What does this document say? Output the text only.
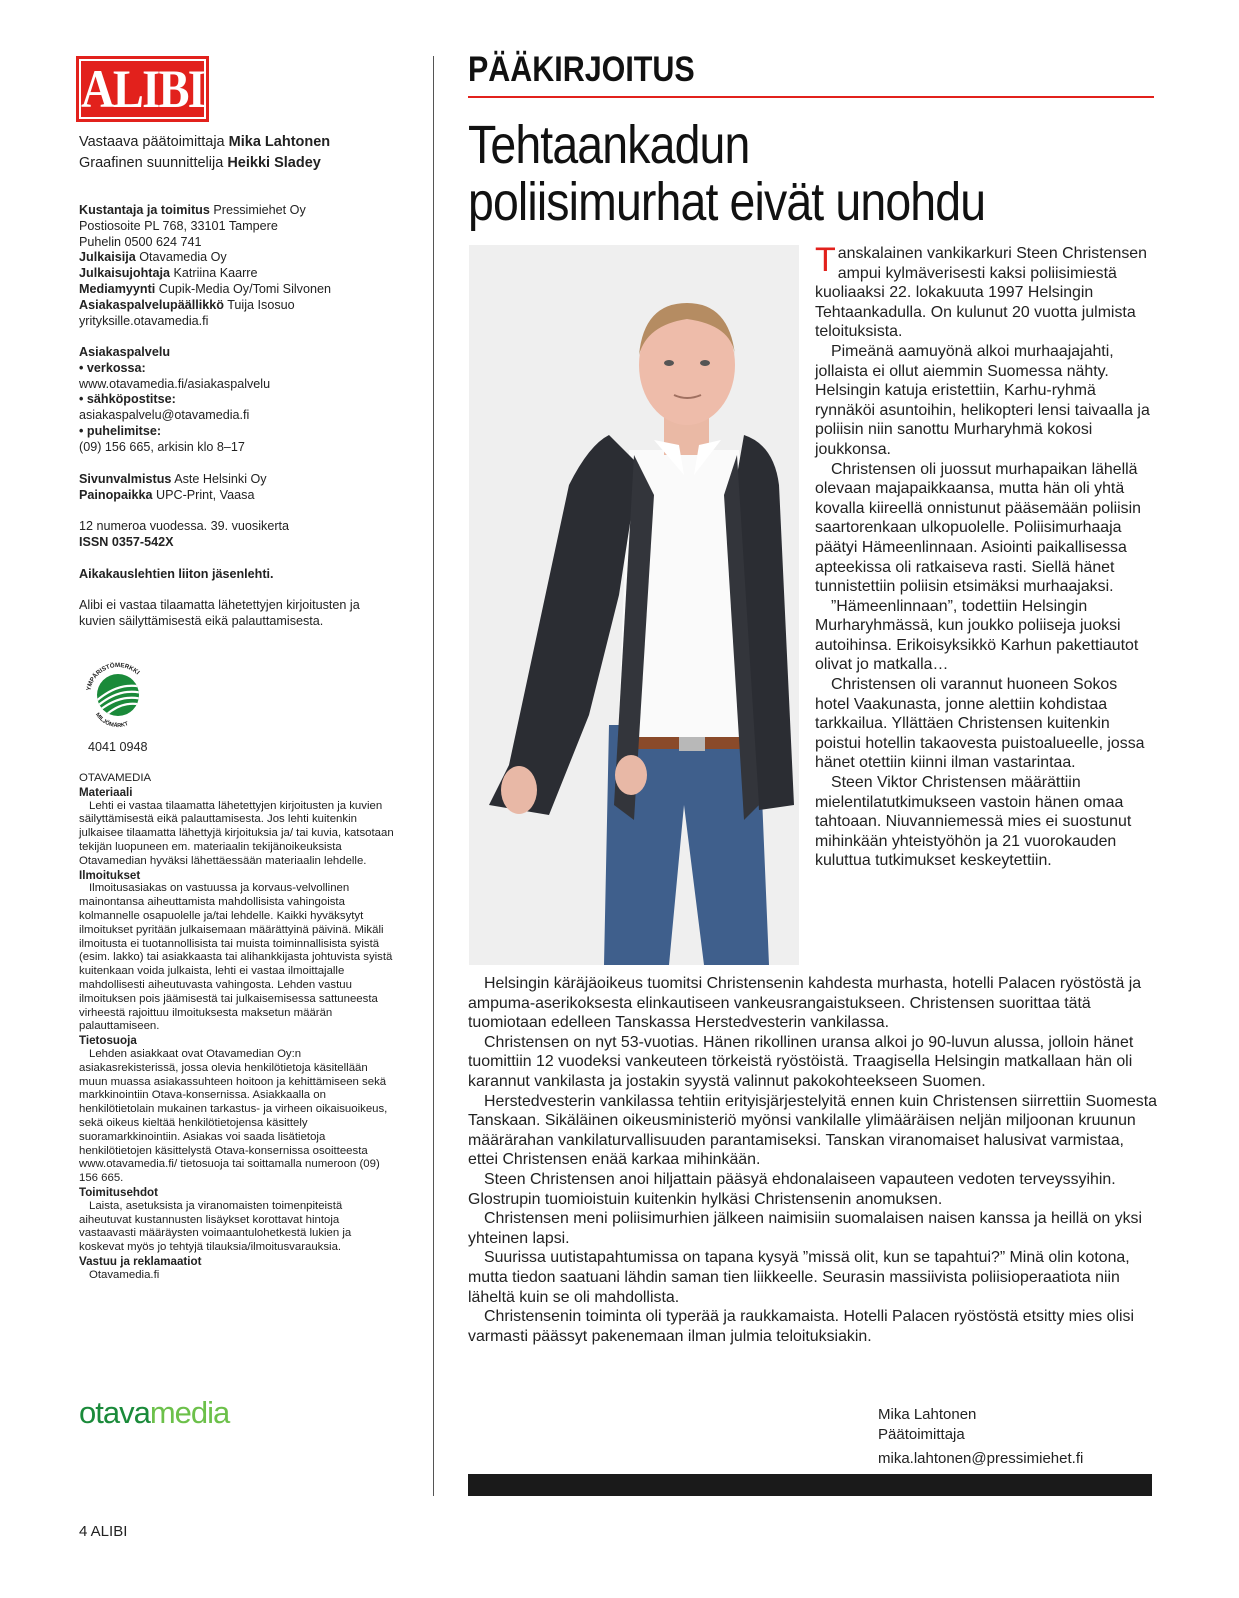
ALIBI
Vastaava päätoimittaja Mika Lahtonen
Graafinen suunnittelija Heikki Sladey
Kustantaja ja toimitus Pressimiehet Oy
Postiosoite PL 768, 33101 Tampere
Puhelin 0500 624 741
Julkaisija Otavamedia Oy
Julkaisujohtaja Katriina Kaarre
Mediamyynti Cupik-Media Oy/Tomi Silvonen
Asiakaspalvelupäällikkö Tuija Isosuo
yrityksille.otavamedia.fi
Asiakaspalvelu
• verkossa:
www.otavamedia.fi/asiakaspalvelu
• sähköpostitse:
asiakaspalvelu@otavamedia.fi
• puhelimitse:
(09) 156 665, arkisin klo 8–17
Sivunvalmistus Aste Helsinki Oy
Painopaikka UPC-Print, Vaasa
12 numeroa vuodessa. 39. vuosikerta
ISSN 0357-542X
Aikakauslehtien liiton jäsenlehti.
Alibi ei vastaa tilaamatta lähetettyjen kirjoitusten ja kuvien säilyttämisestä eikä palauttamisesta.
YMPÄRISTÖMERKKI
MILJÖMÄRKT
4041 0948
OTAVAMEDIA
Materiaali
Lehti ei vastaa tilaamatta lähetettyjen kirjoitusten ja kuvien säilyttämisestä eikä palauttamisesta. Jos lehti kuitenkin julkaisee tilaamatta lähettyjä kirjoituksia ja/ tai kuvia, katsotaan tekijän luopuneen em. materiaalin tekijänoikeuksista Otavamedian hyväksi lähettäessään materiaalin lehdelle.
Ilmoitukset
Ilmoitusasiakas on vastuussa ja korvaus-velvollinen mainontansa aiheuttamista mahdollisista vahingoista kolmannelle osapuolelle ja/tai lehdelle. Kaikki hyväksytyt ilmoitukset pyritään julkaisemaan määrättyinä päivinä. Mikäli ilmoitusta ei tuotannollisista tai muista toiminnallisista syistä (esim. lakko) tai asiakkaasta tai alihankkijasta johtuvista syistä kuitenkaan voida julkaista, lehti ei vastaa ilmoittajalle mahdollisesti aiheutuvasta vahingosta. Lehden vastuu ilmoituksen pois jäämisestä tai julkaisemisessa sattuneesta virheestä rajoittuu ilmoituksesta maksetun määrän palauttamiseen.
Tietosuoja
Lehden asiakkaat ovat Otavamedian Oy:n asiakasrekisterissä, jossa olevia henkilötietoja käsitellään muun muassa asiakassuhteen hoitoon ja kehittämiseen sekä markkinointiin Otava-konsernissa. Asiakkaalla on henkilötietolain mukainen tarkastus- ja virheen oikaisuoikeus, sekä oikeus kieltää henkilötietojensa käsittely suoramarkkinointiin. Asiakas voi saada lisätietoja henkilötietojen käsittelystä Otava-konsernissa osoitteesta www.otavamedia.fi/ tietosuoja tai soittamalla numeroon (09) 156 665.
Toimitusehdot
Laista, asetuksista ja viranomaisten toimenpiteistä aiheutuvat kustannusten lisäykset korottavat hintoja vastaavasti määräysten voimaantulohetkestä lukien ja koskevat myös jo tehtyjä tilauksia/ilmoitusvarauksia.
Vastuu ja reklamaatiot
Otavamedia.fi
otavamedia
4 ALIBI
PÄÄKIRJOITUS
Tehtaankadun
poliisimurhat eivät unohdu

Tanskalainen vankikarkuri Steen Christensen ampui kylmäverisesti kaksi poliisimiestä kuoliaaksi 22. lokakuuta 1997 Helsingin Tehtaankadulla. On kulunut 20 vuotta julmista teloituksista.

Pimeänä aamuyönä alkoi murhaajajahti, jollaista ei ollut aiemmin Suomessa nähty. Helsingin katuja eristettiin, Karhu-ryhmä rynnäköi asuntoihin, helikopteri lensi taivaalla ja poliisin niin sanottu Murharyhmä kokosi joukkonsa.

Christensen oli juossut murhapaikan lähellä olevaan majapaikkaansa, mutta hän oli yhtä kovalla kiireellä onnistunut pääsemään poliisin saartorenkaan ulkopuolelle. Poliisimurhaaja päätyi Hämeenlinnaan. Asiointi paikallisessa apteekissa oli ratkaiseva rasti. Siellä hänet tunnistettiin poliisin etsimäksi murhaajaksi.

”Hämeenlinnaan”, todettiin Helsingin Murharyhmässä, kun joukko poliiseja juoksi autoihinsa. Erikoisyksikkö Karhun pakettiautot olivat jo matkalla…

Christensen oli varannut huoneen Sokos hotel Vaakunasta, jonne alettiin kohdistaa tarkkailua. Yllättäen Christensen kuitenkin poistui hotellin takaovesta puistoalueelle, jossa hänet otettiin kiinni ilman vastarintaa.

Steen Viktor Christensen määrättiin mielentilatutkimukseen vastoin hänen omaa tahtoaan. Niuvanniemessä mies ei suostunut mihinkään yhteistyöhön ja 21 vuorokauden kuluttua tutkimukset keskeytettiin.

Helsingin käräjäoikeus tuomitsi Christensenin kahdesta murhasta, hotelli Palacen ryöstöstä ja ampuma-aserikoksesta elinkautiseen vankeusrangaistukseen. Christensen suorittaa tätä tuomiotaan edelleen Tanskassa Herstedvesterin vankilassa.

Christensen on nyt 53-vuotias. Hänen rikollinen uransa alkoi jo 90-luvun alussa, jolloin hänet tuomittiin 12 vuodeksi vankeuteen törkeistä ryöstöistä. Traagisella Helsingin matkallaan hän oli karannut vankilasta ja jostakin syystä valinnut pakokohteekseen Suomen.

Herstedvesterin vankilassa tehtiin erityisjärjestelyitä ennen kuin Christensen siirrettiin Suomesta Tanskaan. Sikäläinen oikeusministeriö myönsi vankilalle ylimääräisen neljän miljoonan kruunun määrärahan vankilaturvallisuuden parantamiseksi. Tanskan viranomaiset halusivat varmistaa, ettei Christensen enää karkaa mihinkään.

Steen Christensen anoi hiljattain pääsyä ehdonalaiseen vapauteen vedoten terveyssyihin. Glostrupin tuomioistuin kuitenkin hylkäsi Christensenin anomuksen.

Christensen meni poliisimurhien jälkeen naimisiin suomalaisen naisen kanssa ja heillä on yksi yhteinen lapsi.

Suurissa uutistapahtumissa on tapana kysyä ”missä olit, kun se tapahtui?” Minä olin kotona, mutta tiedon saatuani lähdin saman tien liikkeelle. Seurasin massiivista poliisioperaatiota niin läheltä kuin se oli mahdollista.

Christensenin toiminta oli typerää ja raukkamaista. Hotelli Palacen ryöstöstä etsitty mies olisi varmasti päässyt pakenemaan ilman julmia teloituksiakin.

Mika Lahtonen
Päätoimittaja
mika.lahtonen@pressimiehet.fi
